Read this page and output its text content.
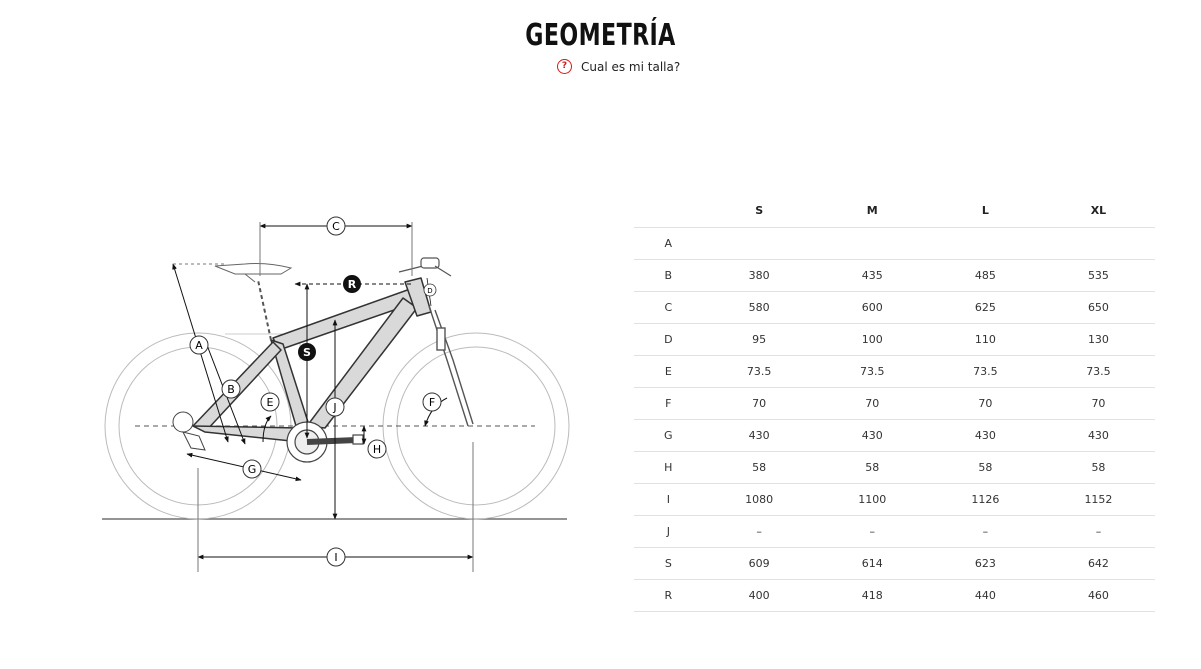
GEOMETRÍA
?	Cual es mi talla?
C
R
S
A
B
E	J	F
G
H
I
D
	S	M	L	XL
A				
B	380	435	485	535
C	580	600	625	650
D	95	100	110	130
E	73.5	73.5	73.5	73.5
F	70	70	70	70
G	430	430	430	430
H	58	58	58	58
I	1080	1100	1126	1152
J	–	–	–	–
S	609	614	623	642
R	400	418	440	460
